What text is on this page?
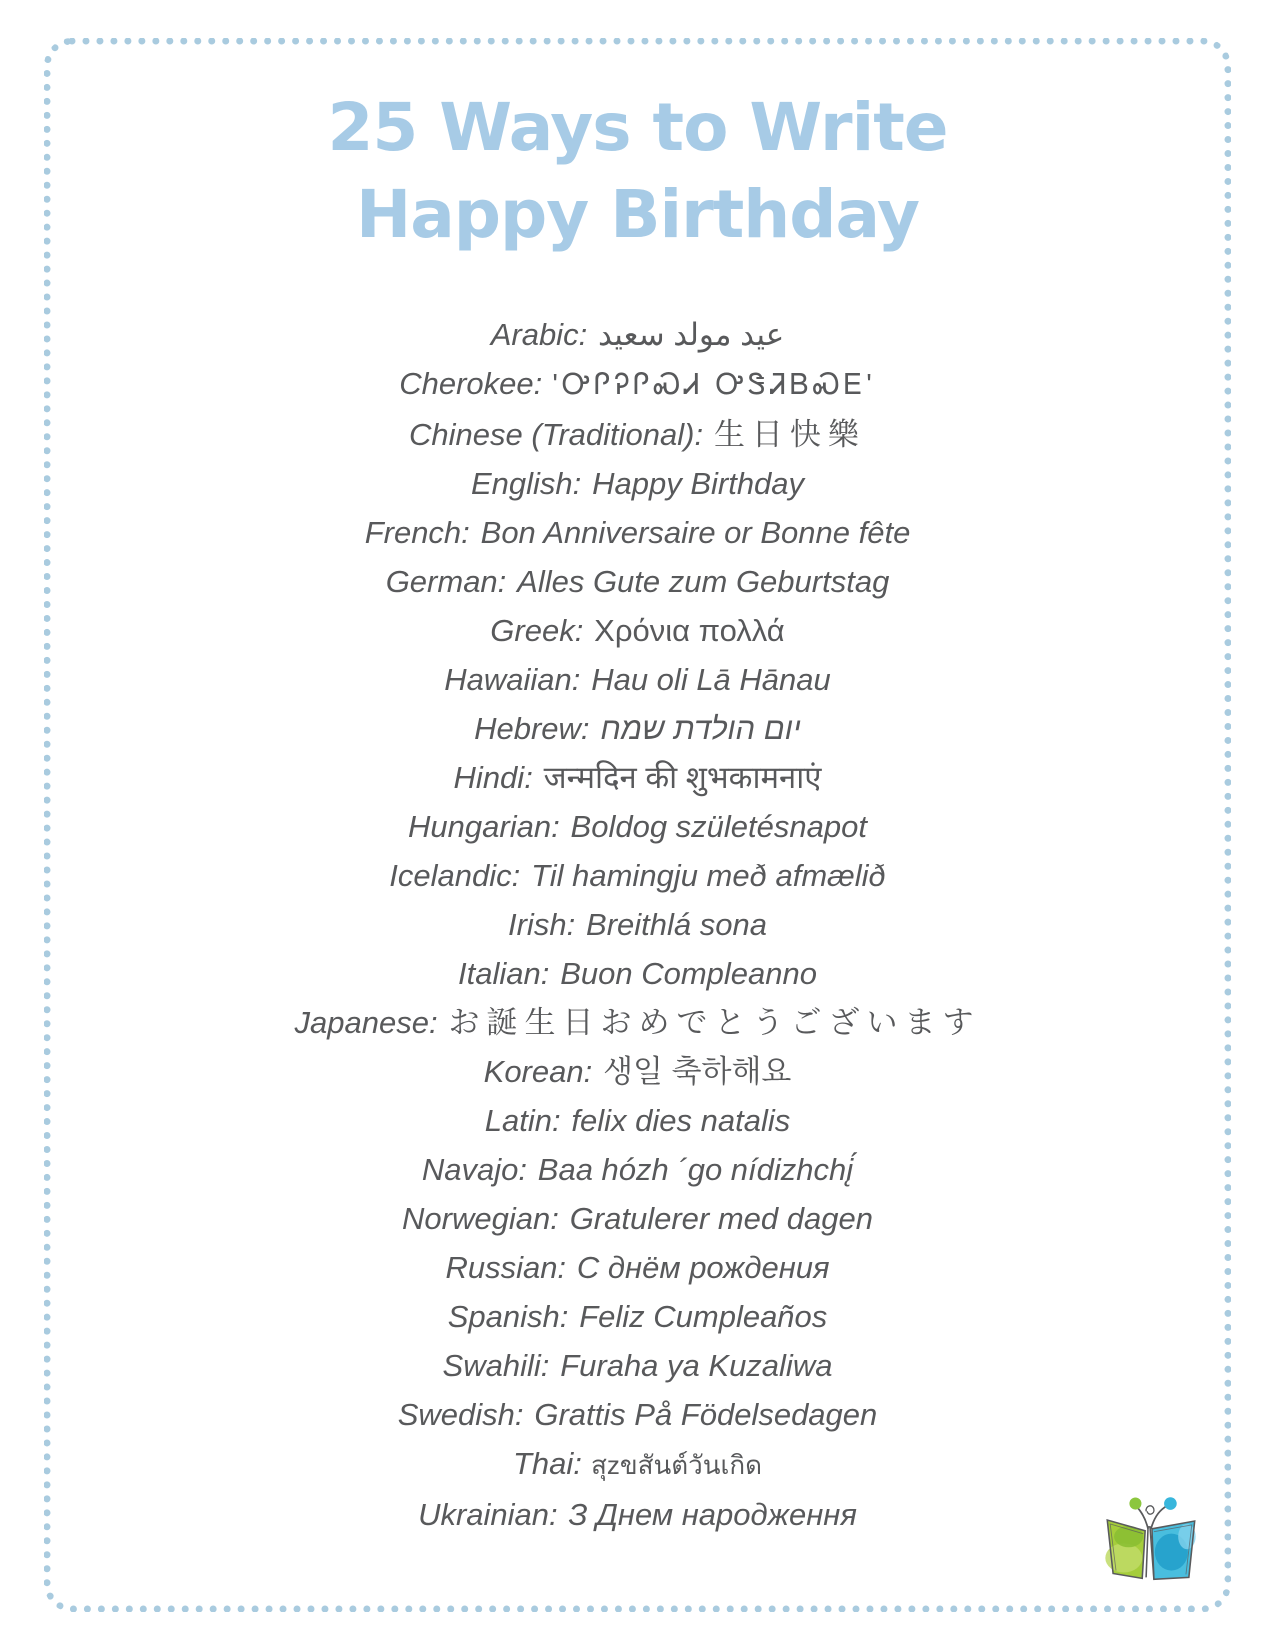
25 Ways to Write
Happy Birthday
Arabic: عيد مولد سعيد
Cherokee: 'ᎤᎵᎮᎵᏍᏗ ᎤᏕᏘᏴᏍᎬ'
Chinese (Traditional): 生日快樂
English: Happy Birthday
French: Bon Anniversaire or Bonne fête
German: Alles Gute zum Geburtstag
Greek: Χρόνια πολλά
Hawaiian: Hau oli Lā Hānau
Hebrew: יום הולדת שמח
Hindi: जन्मदिन की शुभकामनाएं
Hungarian: Boldog születésnapot
Icelandic: Til hamingju með afmælið
Irish: Breithlá sona
Italian: Buon Compleanno
Japanese: お誕生日おめでとうございます
Korean: 생일 축하해요
Latin: felix dies natalis
Navajo: Baa hózh ´go nídizhchį́
Norwegian: Gratulerer med dagen
Russian: С днём рождения
Spanish: Feliz Cumpleaños
Swahili: Furaha ya Kuzaliwa
Swedish: Grattis På Födelsedagen
Thai: สุzขสันต์วันเกิด
Ukrainian: З Днем народження
